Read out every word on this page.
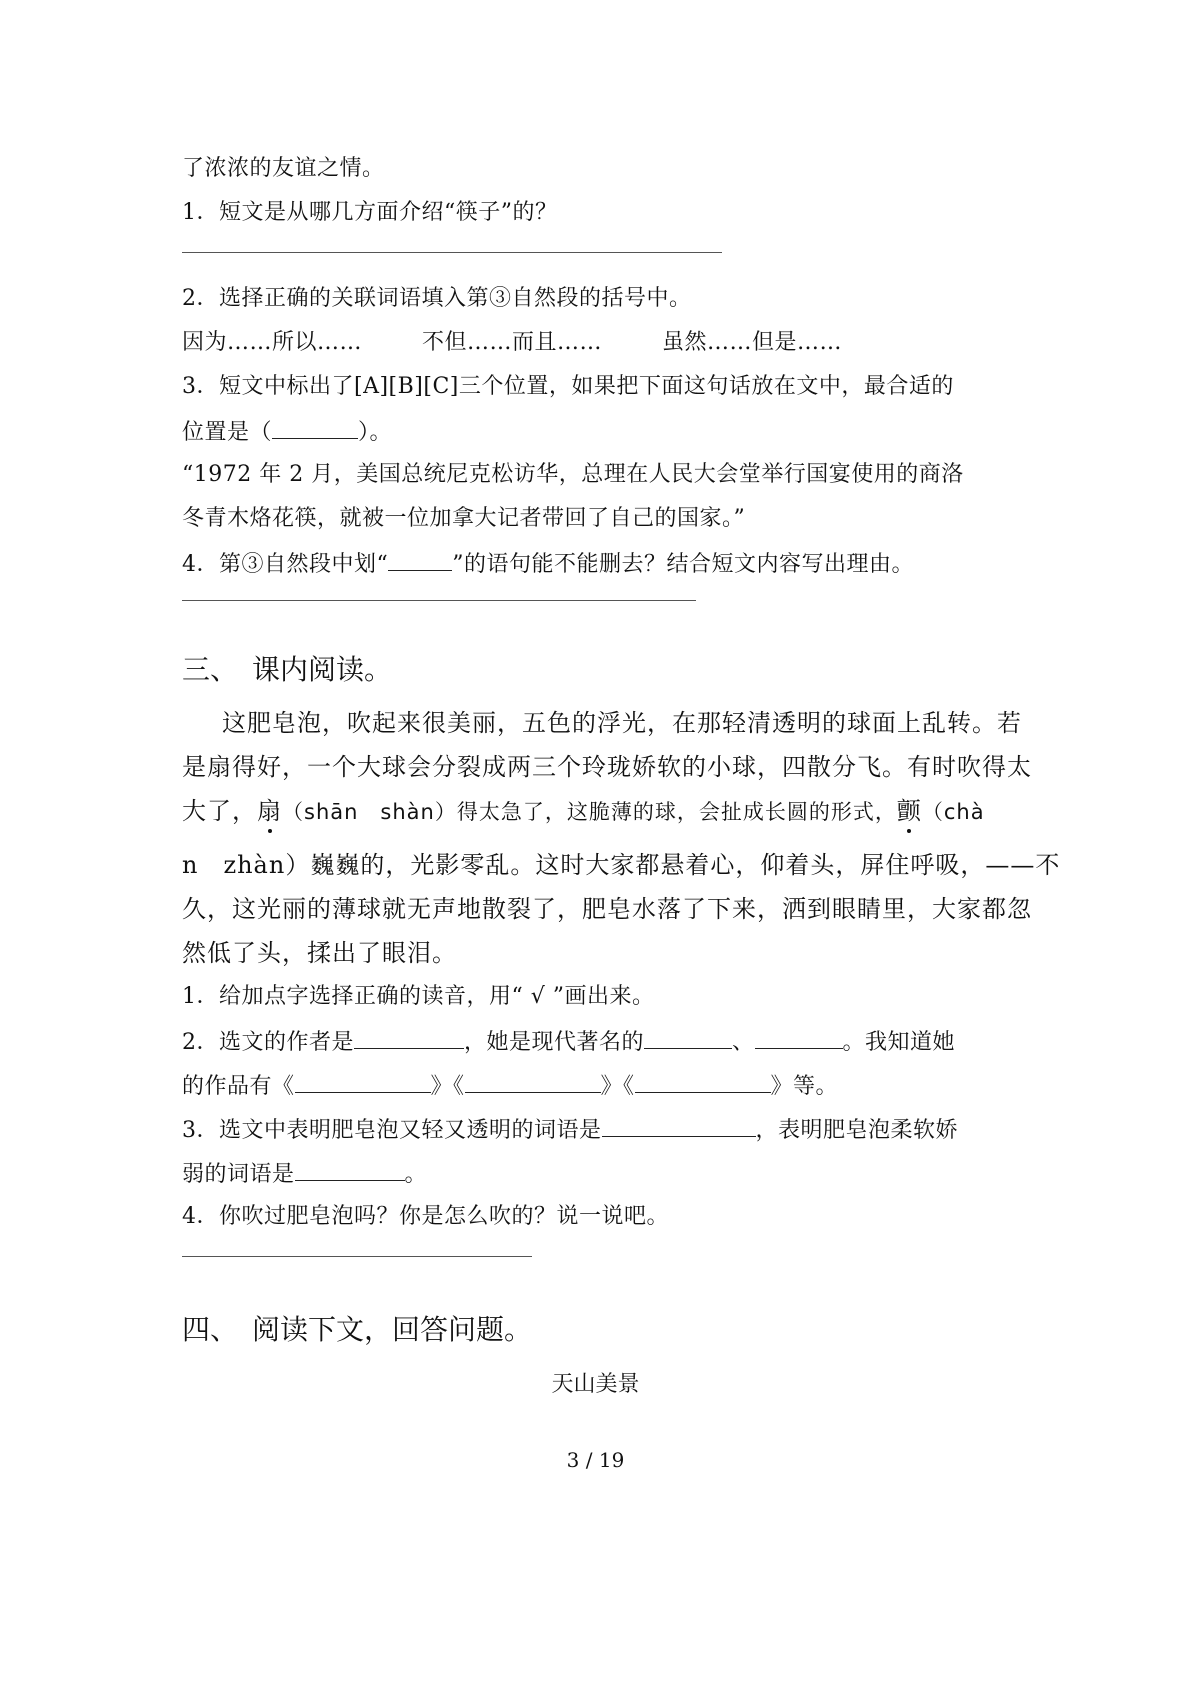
了浓浓的友谊之情。
1．短文是从哪几方面介绍“筷子”的？
2．选择正确的关联词语填入第③自然段的括号中。
因为……所以……	不但……而且……	虽然……但是……
3．短文中标出了[A][B][C]三个位置，如果把下面这句话放在文中，最合适的
位置是（	）。
“1972 年 2 月，美国总统尼克松访华，总理在人民大会堂举行国宴使用的商洛
冬青木烙花筷，就被一位加拿大记者带回了自己的国家。”
4．第③自然段中划“	”的语句能不能删去？结合短文内容写出理由。
三、 课内阅读。
这肥皂泡，吹起来很美丽，五色的浮光，在那轻清透明的球面上乱转。若
是扇得好，一个大球会分裂成两三个玲珑娇软的小球，四散分飞。有时吹得太
大了，扇（shān　shàn）得太急了，这脆薄的球，会扯成长圆的形式，颤（chà
n　zhàn）巍巍的，光影零乱。这时大家都悬着心，仰着头，屏住呼吸，——不
久，这光丽的薄球就无声地散裂了，肥皂水落了下来，洒到眼睛里，大家都忽
然低了头，揉出了眼泪。
1．给加点字选择正确的读音，用“ √ ”画出来。
2．选文的作者是	，她是现代著名的	、	。我知道她
的作品有《	》《	》《	》等。
3．选文中表明肥皂泡又轻又透明的词语是	，表明肥皂泡柔软娇
弱的词语是	。
4．你吹过肥皂泡吗？你是怎么吹的？说一说吧。
四、 阅读下文，回答问题。
天山美景
3 / 19
